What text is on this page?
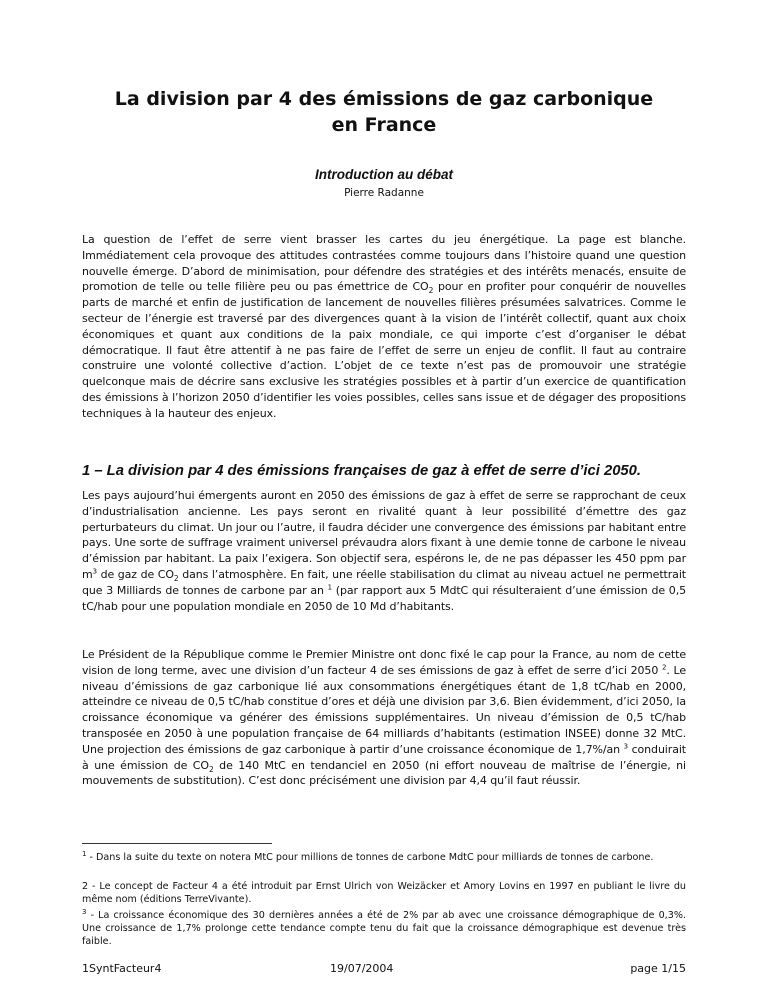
La division par 4 des émissions de gaz carbonique en France

Introduction au débat

Pierre Radanne

La question de l’effet de serre vient brasser les cartes du jeu énergétique. La page est blanche. Immédiatement cela provoque des attitudes contrastées comme toujours dans l’histoire quand une question nouvelle émerge. D’abord de minimisation, pour défendre des stratégies et des intérêts menacés, ensuite de promotion de telle ou telle filière peu ou pas émettrice de $CO_2$ pour en profiter pour conquérir de nouvelles parts de marché et enfin de justification de lancement de nouvelles filières présumées salvatrices. Comme le secteur de l’énergie est traversé par des divergences quant à la vision de l’intérêt collectif, quant aux choix économiques et quant aux conditions de la paix mondiale, ce qui importe c’est d’organiser le débat démocratique. Il faut être attentif à ne pas faire de l’effet de serre un enjeu de conflit. Il faut au contraire construire une volonté collective d’action. L’objet de ce texte n’est pas de promouvoir une stratégie quelconque mais de décrire sans exclusive les stratégies possibles et à partir d’un exercice de quantification des émissions à l’horizon 2050 d’identifier les voies possibles, celles sans issue et de dégager des propositions techniques à la hauteur des enjeux.

1 – La division par 4 des émissions françaises de gaz à effet de serre d’ici 2050.

Les pays aujourd’hui émergents auront en 2050 des émissions de gaz à effet de serre se rapprochant de ceux d’industrialisation ancienne. Les pays seront en rivalité quant à leur possibilité d’émettre des gaz perturbateurs du climat. Un jour ou l’autre, il faudra décider une convergence des émissions par habitant entre pays. Une sorte de suffrage vraiment universel prévaudra alors fixant à une demie tonne de carbone le niveau d’émission par habitant. La paix l’exigera. Son objectif sera, espérons le, de ne pas dépasser les 450 ppm par $m^3$ de gaz de $CO_2$ dans l’atmosphère. En fait, une réelle stabilisation du climat au niveau actuel ne permettrait que 3 Milliards de tonnes de carbone par an $^1$ (par rapport aux 5 MdtC qui résulteraient d’une émission de 0,5 tC/hab pour une population mondiale en 2050 de 10 Md d’habitants.

Le Président de la République comme le Premier Ministre ont donc fixé le cap pour la France, au nom de cette vision de long terme, avec une division d’un facteur 4 de ses émissions de gaz à effet de serre d’ici 2050 $^2$. Le niveau d’émissions de gaz carbonique lié aux consommations énergétiques étant de 1,8 tC/hab en 2000, atteindre ce niveau de 0,5 tC/hab constitue d’ores et déjà une division par 3,6. Bien évidemment, d’ici 2050, la croissance économique va générer des émissions supplémentaires. Un niveau d’émission de 0,5 tC/hab transposée en 2050 à une population française de 64 milliards d’habitants (estimation INSEE) donne 32 MtC. Une projection des émissions de gaz carbonique à partir d’une croissance économique de 1,7%/an $^3$ conduirait à une émission de $CO_2$ de 140 MtC en tendanciel en 2050 (ni effort nouveau de maîtrise de l’énergie, ni mouvements de substitution). C’est donc précisément une division par 4,4 qu’il faut réussir.

$^1$ - Dans la suite du texte on notera MtC pour millions de tonnes de carbone MdtC pour milliards de tonnes de carbone.

2 - Le concept de Facteur 4 a été introduit par Ernst Ulrich von Weizäcker et Amory Lovins en 1997 en publiant le livre du même nom (éditions TerreVivante).

$^3$ - La croissance économique des 30 dernières années a été de 2% par ab avec une croissance démographique de 0,3%. Une croissance de 1,7% prolonge cette tendance compte tenu du fait que la croissance démographique est devenue très faible.

1SyntFacteur4	19/07/2004	page 1/15
